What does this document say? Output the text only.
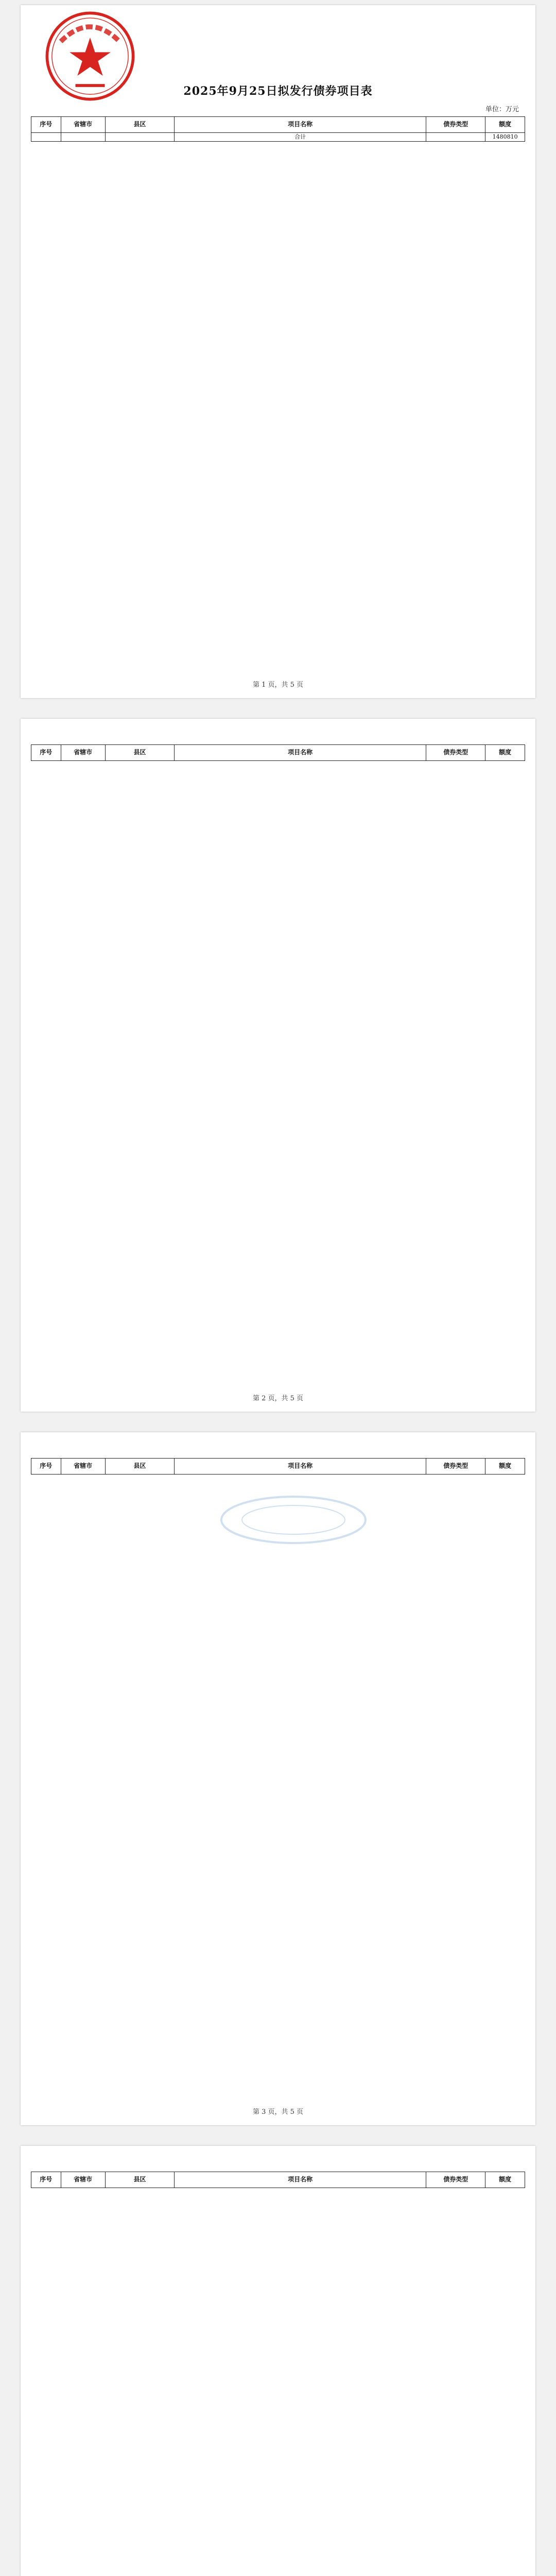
2025年9月25日拟发行债券项目表
单位：万元
序号	省辖市	县区	项目名称	债券类型	额度
			合计		1480810
第 1 页，共 5 页
序号	省辖市	县区	项目名称	债券类型	额度
第 2 页，共 5 页
序号	省辖市	县区	项目名称	债券类型	额度
第 3 页，共 5 页
序号	省辖市	县区	项目名称	债券类型	额度
